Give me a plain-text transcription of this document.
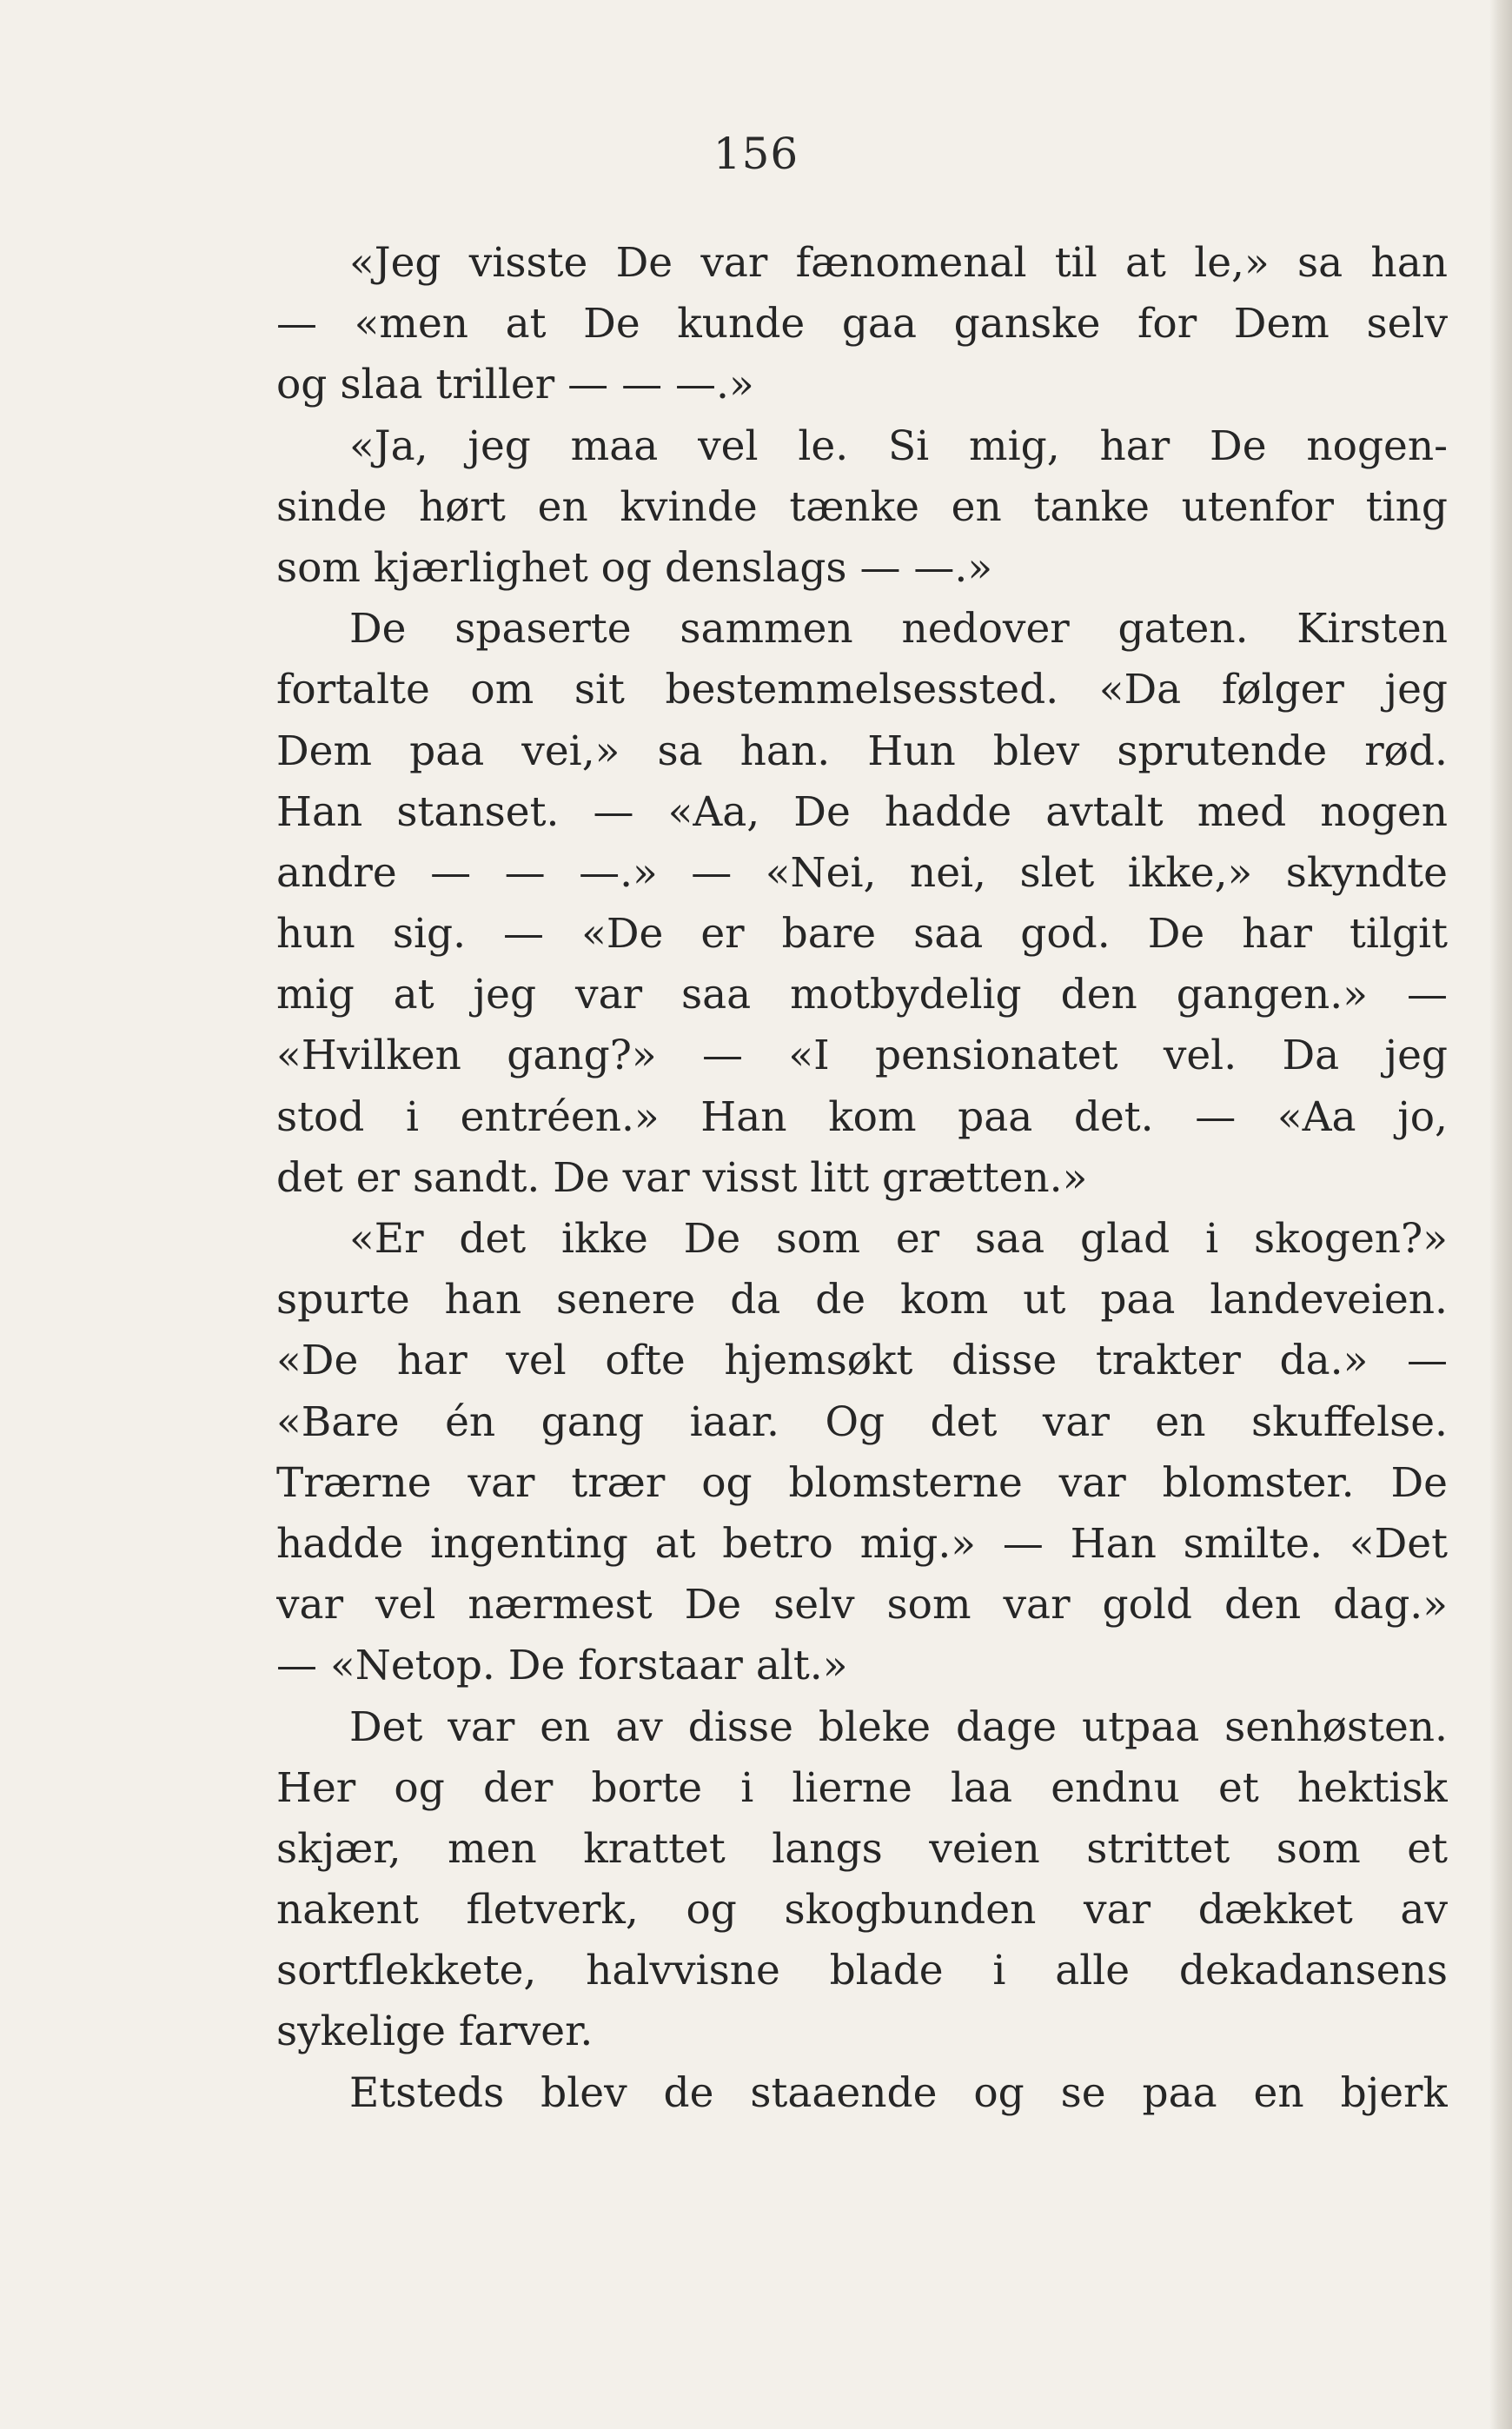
156
«Jeg visste De var fænomenal til at le,» sa han
— «men at De kunde gaa ganske for Dem selv
og slaa triller — — —.»
«Ja, jeg maa vel le. Si mig, har De nogen-
sinde hørt en kvinde tænke en tanke utenfor ting
som kjærlighet og denslags — —.»
De spaserte sammen nedover gaten. Kirsten
fortalte om sit bestemmelsessted. «Da følger jeg
Dem paa vei,» sa han. Hun blev sprutende rød.
Han stanset. — «Aa, De hadde avtalt med nogen
andre — — —.» — «Nei, nei, slet ikke,» skyndte
hun sig. — «De er bare saa god. De har tilgit
mig at jeg var saa motbydelig den gangen.» —
«Hvilken gang?» — «I pensionatet vel. Da jeg
stod i entréen.» Han kom paa det. — «Aa jo,
det er sandt. De var visst litt grætten.»
«Er det ikke De som er saa glad i skogen?»
spurte han senere da de kom ut paa landeveien.
«De har vel ofte hjemsøkt disse trakter da.» —
«Bare én gang iaar. Og det var en skuffelse.
Trærne var trær og blomsterne var blomster. De
hadde ingenting at betro mig.» — Han smilte. «Det
var vel nærmest De selv som var gold den dag.»
— «Netop. De forstaar alt.»
Det var en av disse bleke dage utpaa senhøsten.
Her og der borte i lierne laa endnu et hektisk
skjær, men krattet langs veien strittet som et
nakent fletverk, og skogbunden var dækket av
sortflekkete, halvvisne blade i alle dekadansens
sykelige farver.
Etsteds blev de staaende og se paa en bjerk
